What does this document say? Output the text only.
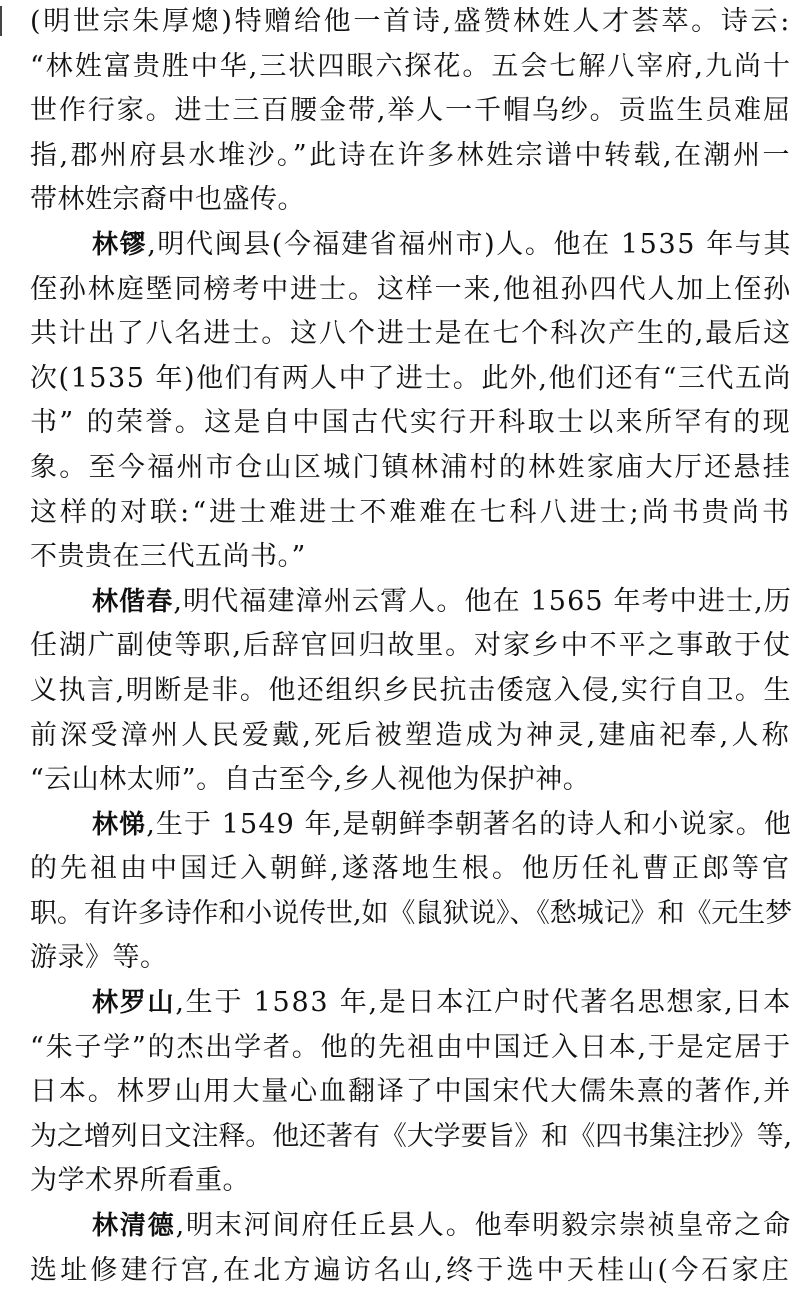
(明世宗朱厚熜)特赠给他一首诗,盛赞林姓人才荟萃。诗云:
“林姓富贵胜中华,三状四眼六探花。五会七解八宰府,九尚十
世作行家。进士三百腰金带,举人一千帽乌纱。贡监生员难屈
指,郡州府县水堆沙。”此诗在许多林姓宗谱中转载,在潮州一
带林姓宗裔中也盛传。
林镠,明代闽县(今福建省福州市)人。他在 1535 年与其
侄孙林庭塈同榜考中进士。这样一来,他祖孙四代人加上侄孙
共计出了八名进士。这八个进士是在七个科次产生的,最后这
次(1535 年)他们有两人中了进士。此外,他们还有“三代五尚
书” 的荣誉。这是自中国古代实行开科取士以来所罕有的现
象。至今福州市仓山区城门镇林浦村的林姓家庙大厅还悬挂
这样的对联:“进士难进士不难难在七科八进士;尚书贵尚书
不贵贵在三代五尚书。”
林偕春,明代福建漳州云霄人。他在 1565 年考中进士,历
任湖广副使等职,后辞官回归故里。对家乡中不平之事敢于仗
义执言,明断是非。他还组织乡民抗击倭寇入侵,实行自卫。生
前深受漳州人民爱戴,死后被塑造成为神灵,建庙祀奉,人称
“云山林太师”。自古至今,乡人视他为保护神。
林悌,生于 1549 年,是朝鲜李朝著名的诗人和小说家。他
的先祖由中国迁入朝鲜,遂落地生根。他历任礼曹正郎等官
职。有许多诗作和小说传世,如《鼠狱说》、《愁城记》和《元生梦
游录》等。
林罗山,生于 1583 年,是日本江户时代著名思想家,日本
“朱子学”的杰出学者。他的先祖由中国迁入日本,于是定居于
日本。林罗山用大量心血翻译了中国宋代大儒朱熹的著作,并
为之增列日文注释。他还著有《大学要旨》和《四书集注抄》等,
为学术界所看重。
林清德,明末河间府任丘县人。他奉明毅宗崇祯皇帝之命
选址修建行宫,在北方遍访名山,终于选中天桂山(今石家庄
